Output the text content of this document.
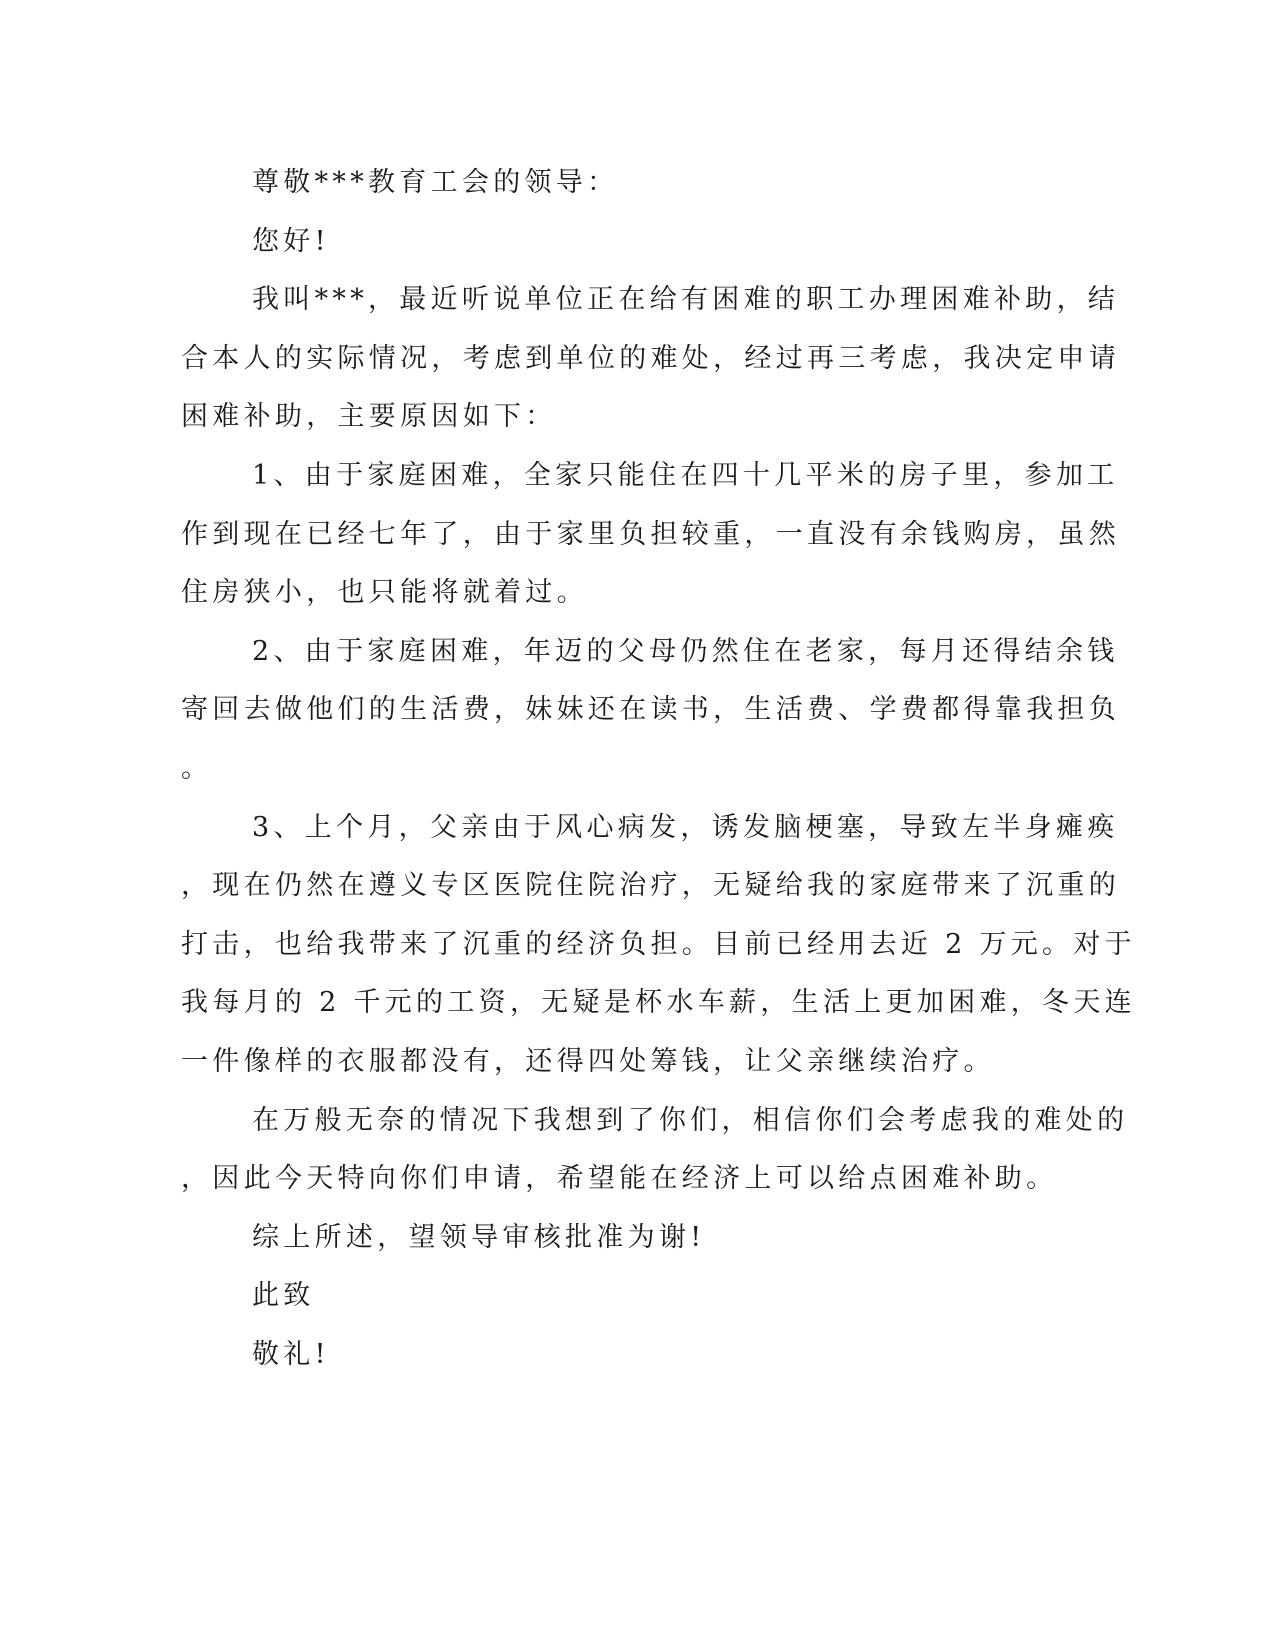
尊敬***教育工会的领导：
您好!
我叫***，最近听说单位正在给有困难的职工办理困难补助，结
合本人的实际情况，考虑到单位的难处，经过再三考虑，我决定申请
困难补助，主要原因如下：
1、由于家庭困难，全家只能住在四十几平米的房子里，参加工
作到现在已经七年了，由于家里负担较重，一直没有余钱购房，虽然
住房狭小，也只能将就着过。
2、由于家庭困难，年迈的父母仍然住在老家，每月还得结余钱
寄回去做他们的生活费，妹妹还在读书，生活费、学费都得靠我担负
。
3、上个月，父亲由于风心病发，诱发脑梗塞，导致左半身瘫痪
，现在仍然在遵义专区医院住院治疗，无疑给我的家庭带来了沉重的
打击，也给我带来了沉重的经济负担。目前已经用去近 2 万元。对于
我每月的 2 千元的工资，无疑是杯水车薪，生活上更加困难，冬天连
一件像样的衣服都没有，还得四处筹钱，让父亲继续治疗。
在万般无奈的情况下我想到了你们，相信你们会考虑我的难处的
，因此今天特向你们申请，希望能在经济上可以给点困难补助。
综上所述，望领导审核批准为谢!
此致
敬礼!
